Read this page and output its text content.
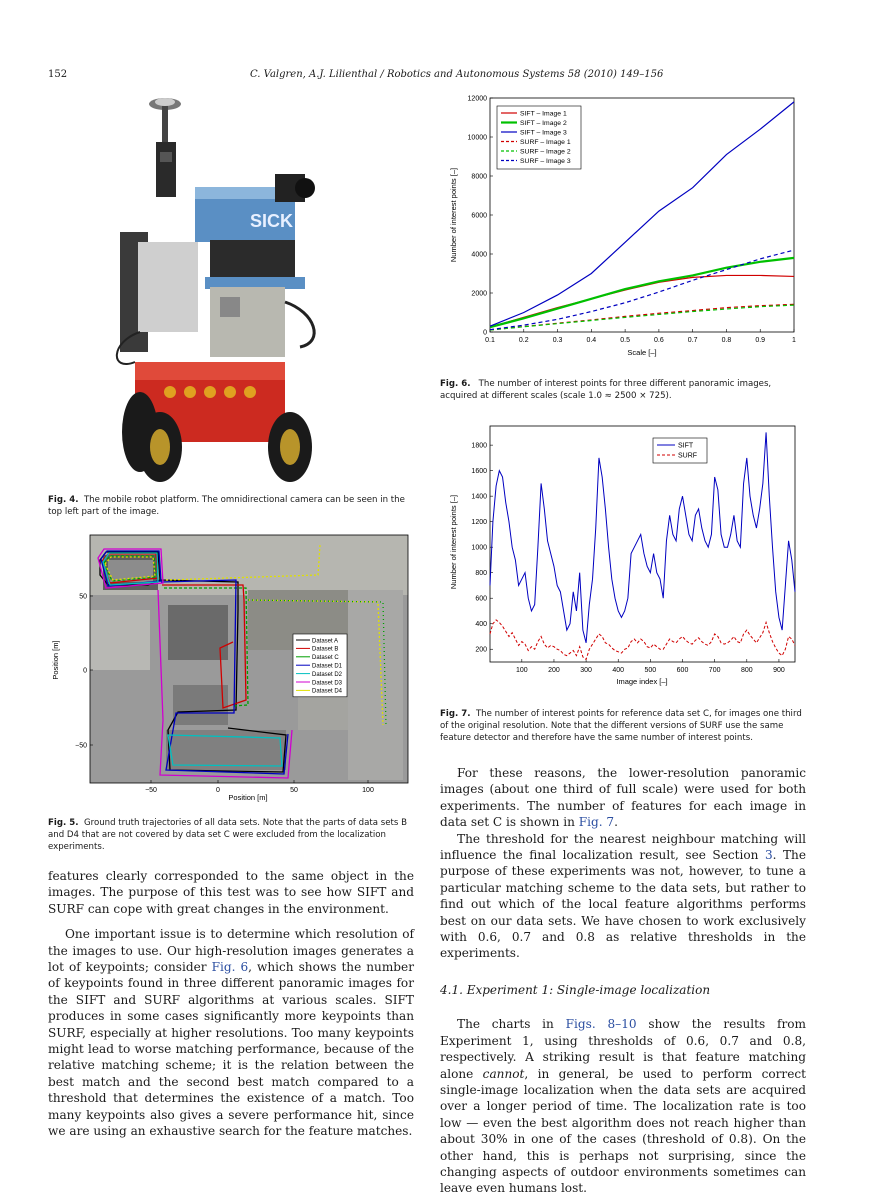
152	C. Valgren, A.J. Lilienthal / Robotics and Autonomous Systems 58 (2010) 149–156
SICK
Fig. 4. The mobile robot platform. The omnidirectional camera can be seen in the top left part of the image.
−50	0	50	100
50
0
−50
Dataset A
Dataset B
Dataset C
Dataset D1
Dataset D2
Dataset D3
Dataset D4
Position [m]
Position [m]
Fig. 5. Ground truth trajectories of all data sets. Note that the parts of data sets B and D4 that are not covered by data set C were excluded from the localization experiments.

features clearly corresponded to the same object in the images. The purpose of this test was to see how SIFT and SURF can cope with great changes in the environment.

One important issue is to determine which resolution of the images to use. Our high-resolution images generates a lot of keypoints; consider Fig. 6, which shows the number of keypoints found in three different panoramic images for the SIFT and SURF algorithms at various scales. SIFT produces in some cases significantly more keypoints than SURF, especially at higher resolutions. Too many keypoints might lead to worse matching performance, because of the relative matching scheme; it is the relation between the best match and the second best match compared to a threshold that determines the existence of a match. Too many keypoints also gives a severe performance hit, since we are using an exhaustive search for the feature matches.

0.1	0.2	0.3	0.4	0.5	0.6	0.7	0.8	0.9	1
0
2000
4000
6000
8000
10000
12000
SIFT – Image 1
SIFT – Image 2
SIFT – Image 3
SURF – Image 1
SURF – Image 2
SURF – Image 3
Scale [–]
Number of interest points [–]
Fig. 6. The number of interest points for three different panoramic images, acquired at different scales (scale 1.0 ≈ 2500 × 725).
100	200	300	400	500	600	700	800	900
200
400
600
800
1000
1200
1400
1600
1800	SIFT
SURF
Image index [–]
Number of interest points [–]
Fig. 7. The number of interest points for reference data set C, for images one third of the original resolution. Note that the different versions of SURF use the same feature detector and therefore have the same number of interest points.

For these reasons, the lower-resolution panoramic images (about one third of full scale) were used for both experiments. The number of features for each image in data set C is shown in Fig. 7.

The threshold for the nearest neighbour matching will influence the final localization result, see Section 3. The purpose of these experiments was not, however, to tune a particular matching scheme to the data sets, but rather to find out which of the local feature algorithms performs best on our data sets. We have chosen to work exclusively with 0.6, 0.7 and 0.8 as relative thresholds in the experiments.

4.1. Experiment 1: Single-image localization

The charts in Figs. 8–10 show the results from Experiment 1, using thresholds of 0.6, 0.7 and 0.8, respectively. A striking result is that feature matching alone cannot, in general, be used to perform correct single-image localization when the data sets are acquired over a longer period of time. The localization rate is too low — even the best algorithm does not reach higher than about 30% in one of the cases (threshold of 0.8). On the other hand, this is perhaps not surprising, since the changing aspects of outdoor environments sometimes can leave even humans lost.
